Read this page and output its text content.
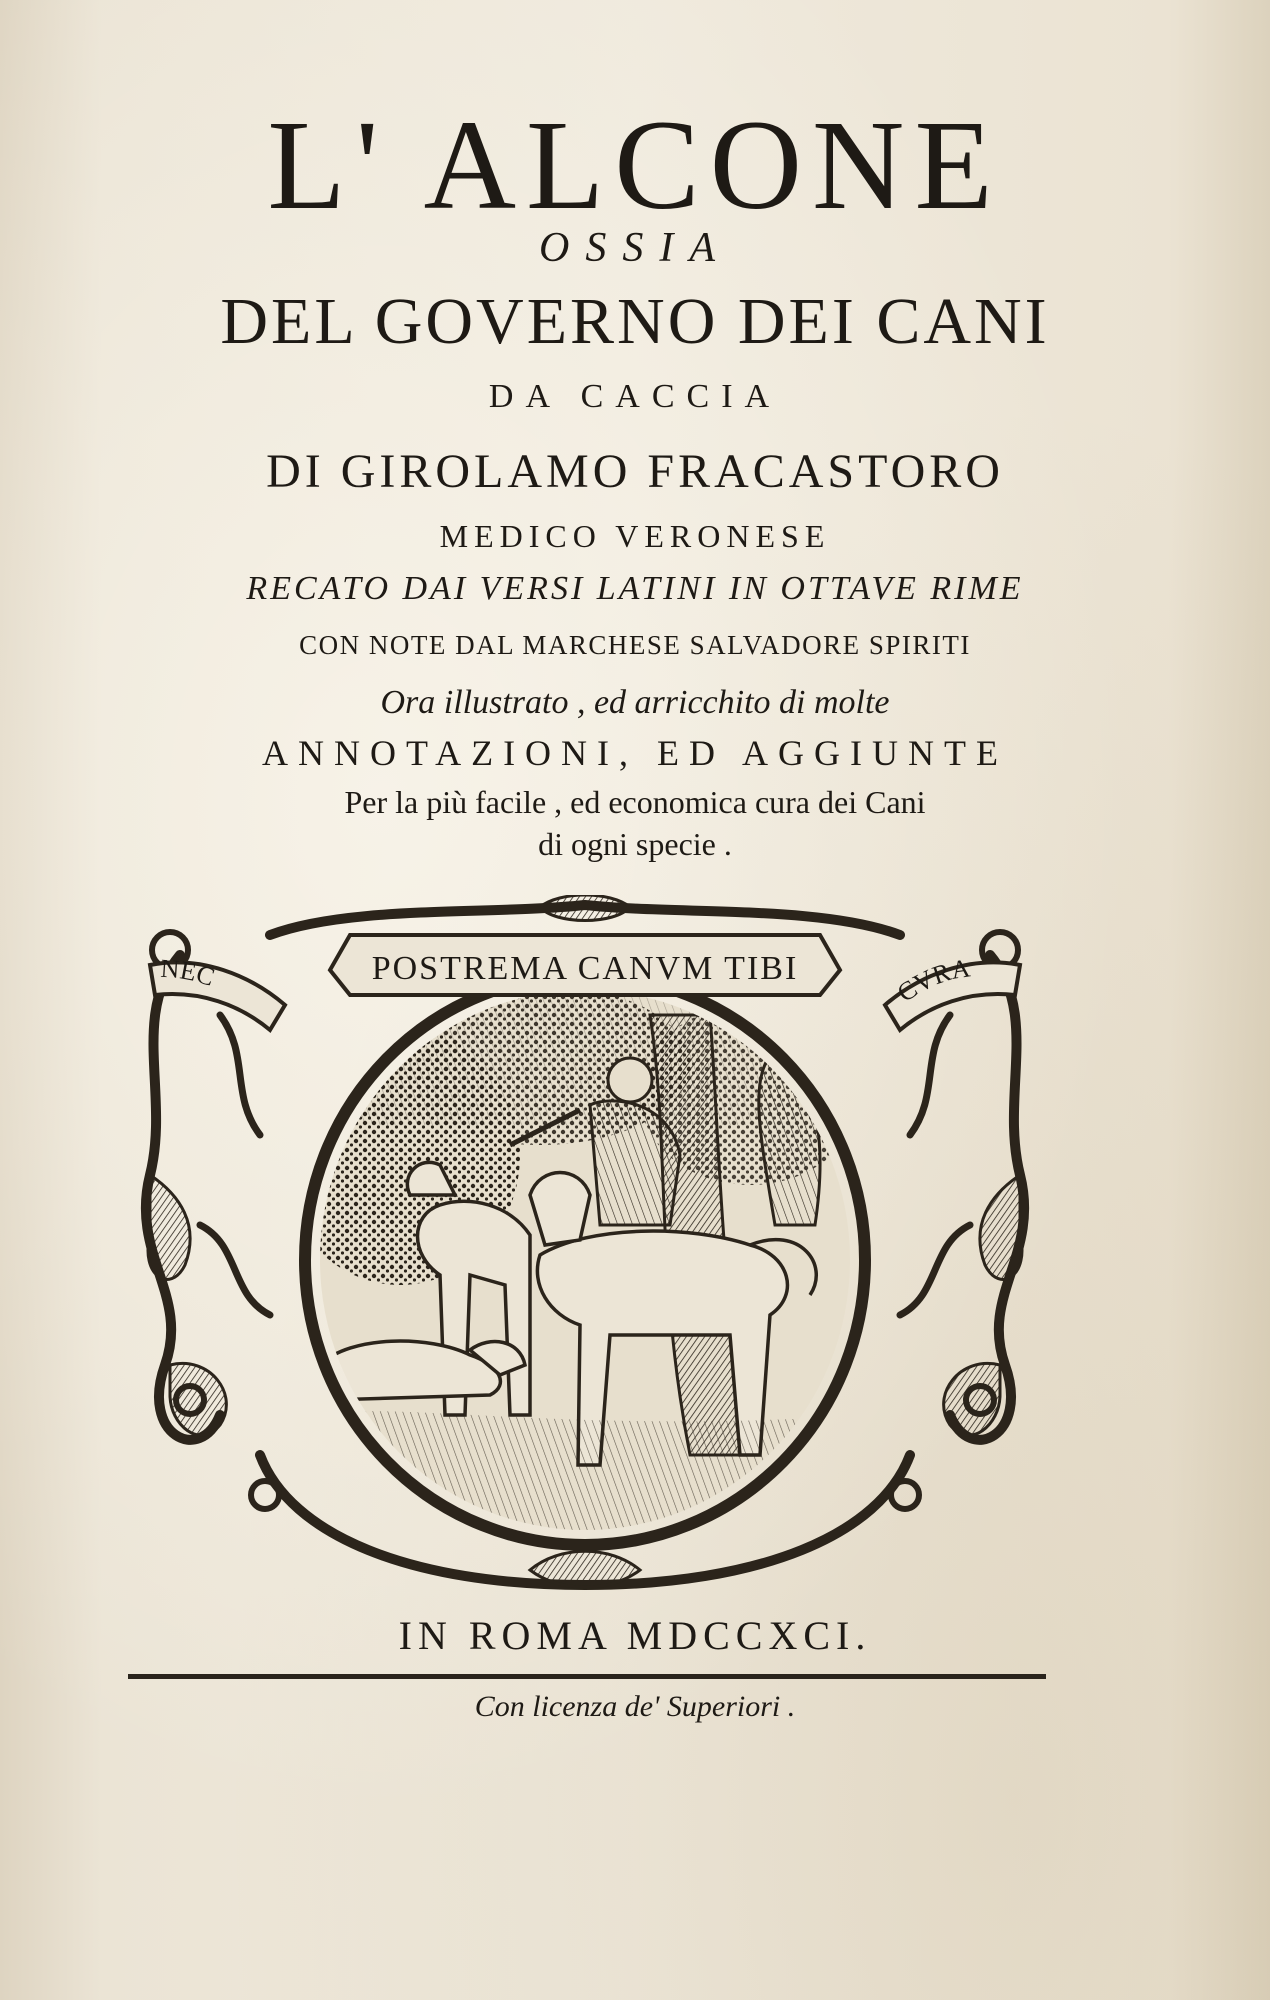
L' ALCONE
OSSIA
DEL GOVERNO DEI CANI
DA CACCIA
DI GIROLAMO FRACASTORO
MEDICO VERONESE
RECATO DAI VERSI LATINI IN OTTAVE RIME
CON NOTE DAL MARCHESE SALVADORE SPIRITI
Ora illustrato , ed arricchito di molte
ANNOTAZIONI, ED AGGIUNTE
Per la più facile , ed economica cura dei Cani
di ogni specie .
POSTREMA CANVM TIBI
NEC	CVRA
IN ROMA MDCCXCI.
Con licenza de' Superiori .
